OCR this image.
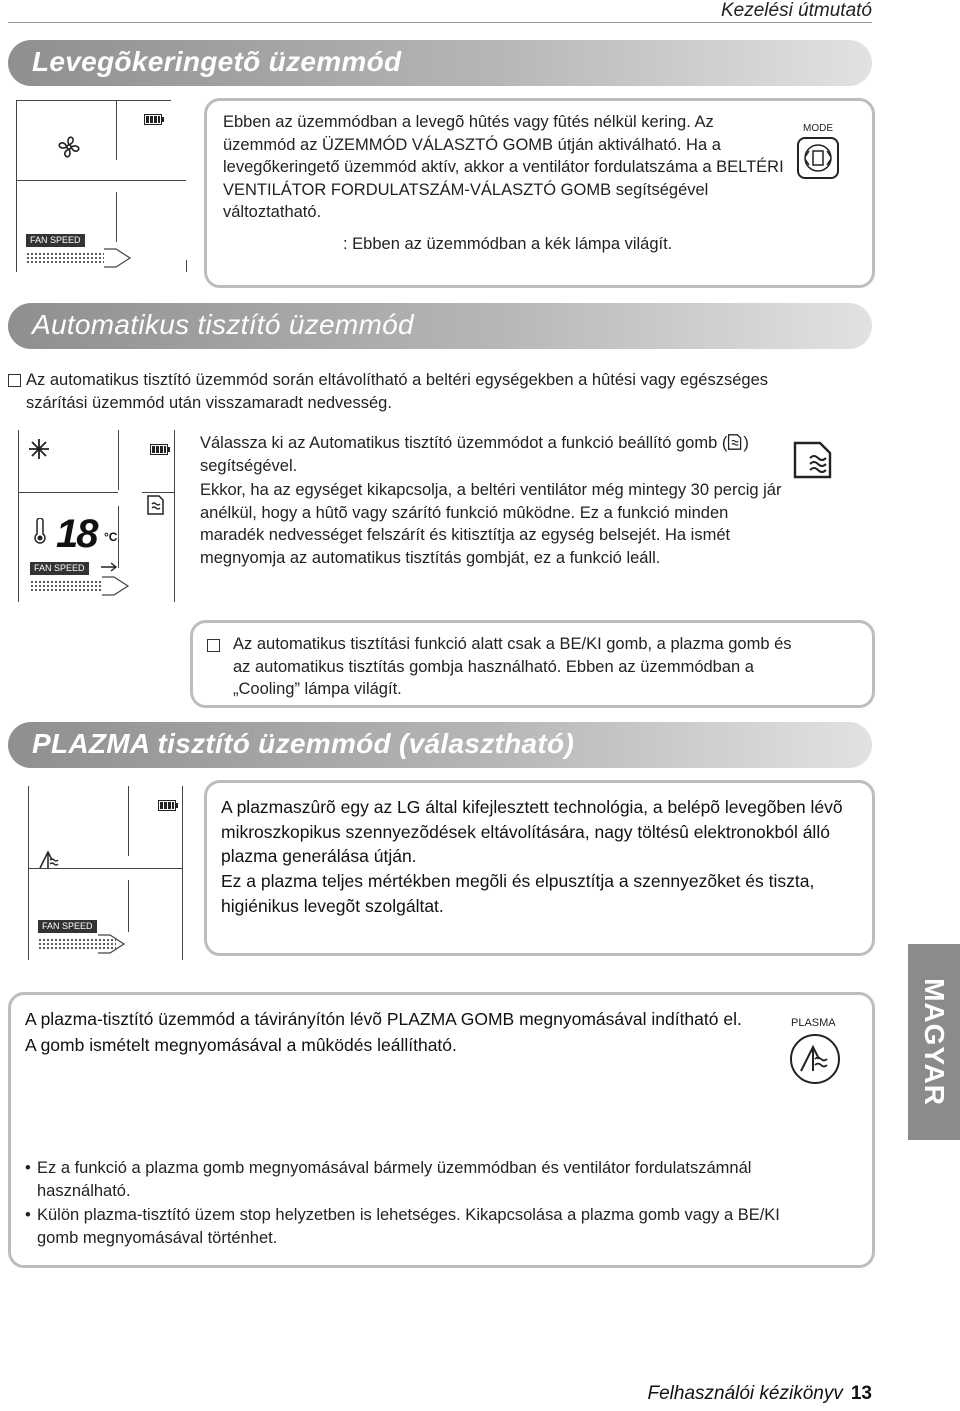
Kezelési útmutató
Levegõkeringetõ üzemmód
FAN SPEED
Ebben az üzemmódban a levegõ hûtés vagy fûtés nélkül kering. Az üzemmód az ÜZEMMÓD VÁLASZTÓ GOMB útján aktiválható. Ha a levegőkeringető üzemmód aktív, akkor a ventilátor fordulatszáma a BELTÉRI VENTILÁTOR FORDULATSZÁM-VÁLASZTÓ GOMB segítségével változtatható.
: Ebben az üzemmódban a kék lámpa világít.
MODE
Automatikus tisztító üzemmód
Az automatikus tisztító üzemmód során eltávolítható a beltéri egységekben a hûtési vagy egészséges szárítási üzemmód után visszamaradt nedvesség.
18 °C
FAN SPEED
Válassza ki az Automatikus tisztító üzemmódot a funkció beállító gomb ( ) segítségével.
Ekkor, ha az egységet kikapcsolja, a beltéri ventilátor még mintegy 30 percig jár anélkül, hogy a hûtõ vagy szárító funkció mûködne. Ez a funkció minden maradék nedvességet felszárít és kitisztítja az egység belsejét. Ha ismét megnyomja az automatikus tisztítás gombját, ez a funkció leáll.
Az automatikus tisztítási funkció alatt csak a BE/KI gomb, a plazma gomb és az automatikus tisztítás gombja használható. Ebben az üzemmódban a „Cooling” lámpa világít.
PLAZMA tisztító üzemmód (választható)
FAN SPEED
A plazmaszûrõ egy az LG által kifejlesztett technológia, a belépõ levegõben lévõ mikroszkopikus szennyezõdések eltávolítására, nagy töltésû elektronokból álló plazma generálása útján.
Ez a plazma teljes mértékben megõli és elpusztítja a szennyezõket és tiszta, higiénikus levegõt szolgáltat.
A plazma-tisztító üzemmód a távirányítón lévõ PLAZMA GOMB megnyomásával indítható el.
A gomb ismételt megnyomásával a mûködés leállítható.
PLASMA
• Ez a funkció a plazma gomb megnyomásával bármely üzemmódban és ventilátor fordulatszámnál használható.
• Külön plazma-tisztító üzem stop helyzetben is lehetséges. Kikapcsolása a plazma gomb vagy a BE/KI gomb megnyomásával történhet.
MAGYAR
Felhasználói kézikönyv 13
